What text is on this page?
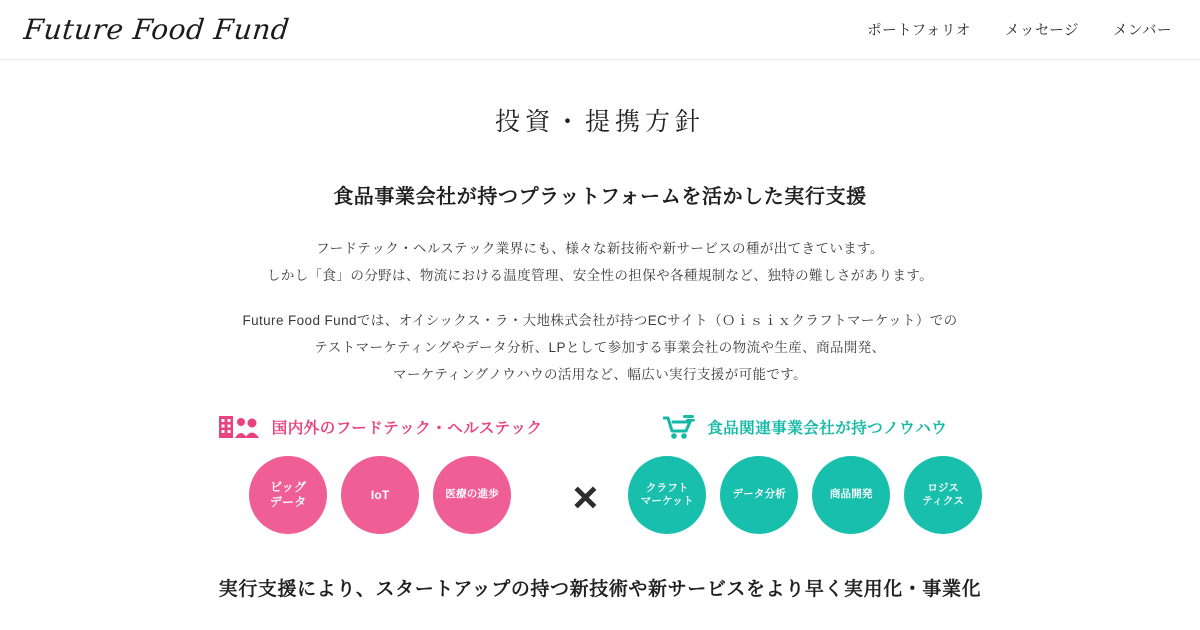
Future Food Fund	ポートフォリオ メッセージ メンバー
投資・提携方針
食品事業会社が持つプラットフォームを活かした実行支援

フードテック・ヘルステック業界にも、様々な新技術や新サービスの種が出てきています。
しかし「食」の分野は、物流における温度管理、安全性の担保や各種規制など、独特の難しさがあります。

Future Food Fundでは、オイシックス・ラ・大地株式会社が持つECサイト（Ｏｉｓｉｘクラフトマーケット）での
テストマーケティングやデータ分析、LPとして参加する事業会社の物流や生産、商品開発、
マーケティングノウハウの活用など、幅広い実行支援が可能です。

国内外のフードテック・ヘルステック
ビッグ
データ
IoT	医療の進歩 ×
食品関連事業会社が持つノウハウ
クラフト
マーケット
データ分析	商品開発
ロジス
ティクス
実行支援により、スタートアップの持つ新技術や新サービスをより早く実用化・事業化
